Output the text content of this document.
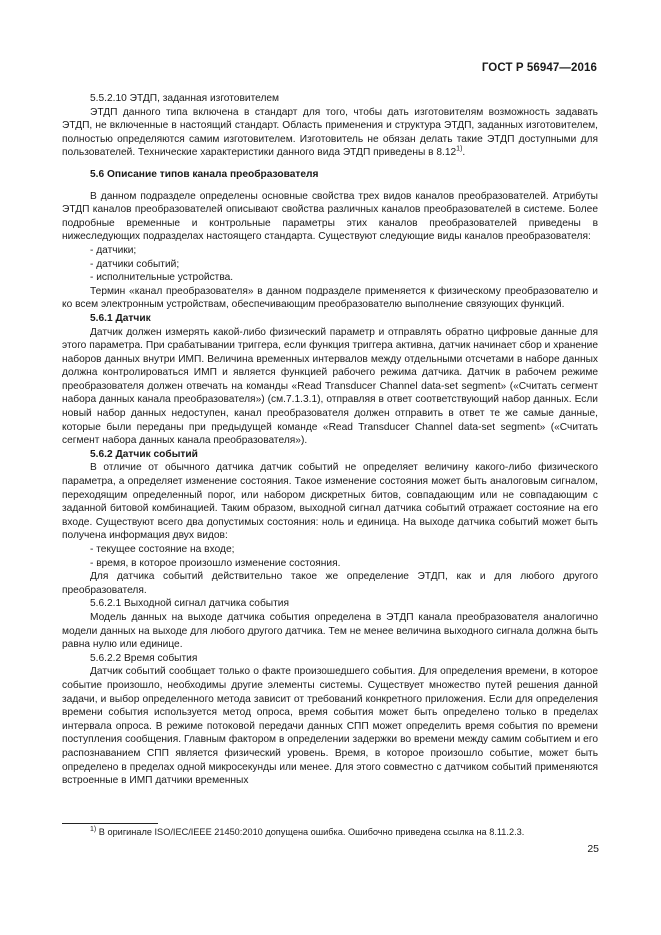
ГОСТ Р 56947—2016

5.5.2.10 ЭТДП, заданная изготовителем

ЭТДП данного типа включена в стандарт для того, чтобы дать изготовителям возможность задавать ЭТДП, не включенные в настоящий стандарт. Область применения и структура ЭТДП, заданных изготовителем, полностью определяются самим изготовителем. Изготовитель не обязан делать такие ЭТДП доступными для пользователей. Технические характеристики данного вида ЭТДП приведены в 8.12$^{1)}$.

5.6 Описание типов канала преобразователя

В данном подразделе определены основные свойства трех видов каналов преобразователей. Атрибуты ЭТДП каналов преобразователей описывают свойства различных каналов преобразователей в системе. Более подробные временные и контрольные параметры этих каналов преобразователей приведены в нижеследующих подразделах настоящего стандарта. Существуют следующие виды каналов преобразователя:

- датчики;

- датчики событий;

- исполнительные устройства.

Термин «канал преобразователя» в данном подразделе применяется к физическому преобразователю и ко всем электронным устройствам, обеспечивающим преобразователю выполнение связующих функций.

5.6.1 Датчик

Датчик должен измерять какой-либо физический параметр и отправлять обратно цифровые данные для этого параметра. При срабатывании триггера, если функция триггера активна, датчик начинает сбор и хранение наборов данных внутри ИМП. Величина временных интервалов между отдельными отсчетами в наборе данных должна контролироваться ИМП и является функцией рабочего режима датчика. Датчик в рабочем режиме преобразователя должен отвечать на команды «Read Transducer Channel data-set segment» («Считать сегмент набора данных канала преобразователя») (см.7.1.3.1), отправляя в ответ соответствующий набор данных. Если новый набор данных недоступен, канал преобразователя должен отправить в ответ те же самые данные, которые были переданы при предыдущей команде «Read Transducer Channel data-set segment» («Считать сегмент набора данных канала преобразователя»).

5.6.2 Датчик событий

В отличие от обычного датчика датчик событий не определяет величину какого-либо физического параметра, а определяет изменение состояния. Такое изменение состояния может быть аналоговым сигналом, переходящим определенный порог, или набором дискретных битов, совпадающим или не совпадающим с заданной битовой комбинацией. Таким образом, выходной сигнал датчика событий отражает состояние на его входе. Существуют всего два допустимых состояния: ноль и единица. На выходе датчика событий может быть получена информация двух видов:

- текущее состояние на входе;

- время, в которое произошло изменение состояния.

Для датчика событий действительно такое же определение ЭТДП, как и для любого другого преобразователя.

5.6.2.1 Выходной сигнал датчика события

Модель данных на выходе датчика события определена в ЭТДП канала преобразователя аналогично модели данных на выходе для любого другого датчика. Тем не менее величина выходного сигнала должна быть равна нулю или единице.

5.6.2.2 Время события

Датчик событий сообщает только о факте произошедшего события. Для определения времени, в которое событие произошло, необходимы другие элементы системы. Существует множество путей решения данной задачи, и выбор определенного метода зависит от требований конкретного приложения. Если для определения времени события используется метод опроса, время события может быть определено только в пределах интервала опроса. В режиме потоковой передачи данных СПП может определить время события по времени поступления сообщения. Главным фактором в определении задержки во времени между самим событием и его распознаванием СПП является физический уровень. Время, в которое произошло событие, может быть определено в пределах одной микросекунды или менее. Для этого совместно с датчиком событий применяются встроенные в ИМП датчики временных

$^{1)}$ В оригинале ISO/IEC/IEEE 21450:2010 допущена ошибка. Ошибочно приведена ссылка на 8.11.2.3.
25
